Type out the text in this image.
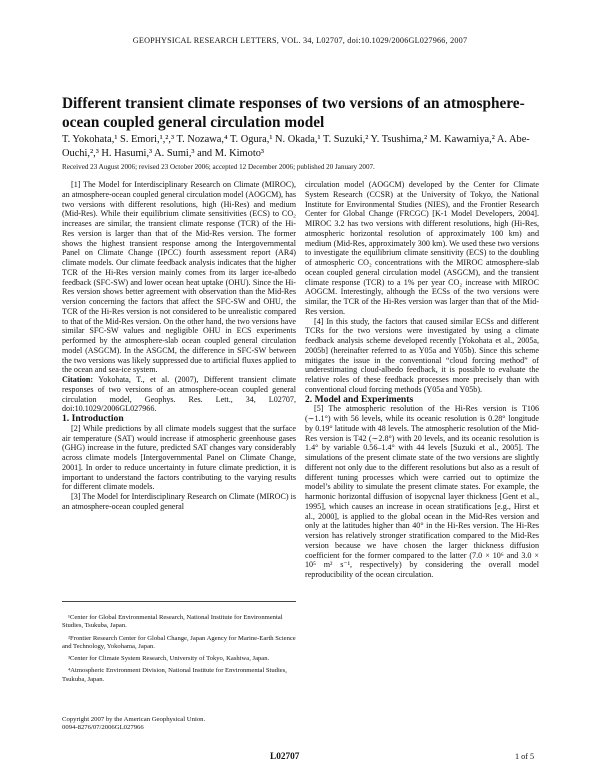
GEOPHYSICAL RESEARCH LETTERS, VOL. 34, L02707, doi:10.1029/2006GL027966, 2007
Different transient climate responses of two versions of an atmosphere-ocean coupled general circulation model
T. Yokohata,¹ S. Emori,¹,²,³ T. Nozawa,⁴ T. Ogura,¹ N. Okada,¹ T. Suzuki,² Y. Tsushima,² M. Kawamiya,² A. Abe-Ouchi,²,³ H. Hasumi,³ A. Sumi,³ and M. Kimoto³
Received 23 August 2006; revised 23 October 2006; accepted 12 December 2006; published 20 January 2007.

[1] The Model for Interdisciplinary Research on Climate (MIROC), an atmosphere-ocean coupled general circulation model (AOGCM), has two versions with different resolutions, high (Hi-Res) and medium (Mid-Res). While their equilibrium climate sensitivities (ECS) to CO₂ increases are similar, the transient climate response (TCR) of the Hi-Res version is larger than that of the Mid-Res version. The former shows the highest transient response among the Intergovernmental Panel on Climate Change (IPCC) fourth assessment report (AR4) climate models. Our climate feedback analysis indicates that the higher TCR of the Hi-Res version mainly comes from its larger ice-albedo feedback (SFC-SW) and lower ocean heat uptake (OHU). Since the Hi-Res version shows better agreement with observation than the Mid-Res version concerning the factors that affect the SFC-SW and OHU, the TCR of the Hi-Res version is not considered to be unrealistic compared to that of the Mid-Res version. On the other hand, the two versions have similar SFC-SW values and negligible OHU in ECS experiments performed by the atmosphere-slab ocean coupled general circulation model (ASGCM). In the ASGCM, the difference in SFC-SW between the two versions was likely suppressed due to artificial fluxes applied to the ocean and sea-ice system.

Citation: Yokohata, T., et al. (2007), Different transient climate responses of two versions of an atmosphere-ocean coupled general circulation model, Geophys. Res. Lett., 34, L02707, doi:10.1029/2006GL027966.

1. Introduction

[2] While predictions by all climate models suggest that the surface air temperature (SAT) would increase if atmospheric greenhouse gases (GHG) increase in the future, predicted SAT changes vary considerably across climate models [Intergovernmental Panel on Climate Change, 2001]. In order to reduce uncertainty in future climate prediction, it is important to understand the factors contributing to the varying results for different climate models.

[3] The Model for Interdisciplinary Research on Climate (MIROC) is an atmosphere-ocean coupled general

¹Center for Global Environmental Research, National Institute for Environmental Studies, Tsukuba, Japan.

²Frontier Research Center for Global Change, Japan Agency for Marine-Earth Science and Technology, Yokohama, Japan.

³Center for Climate System Research, University of Tokyo, Kashiwa, Japan.

⁴Atmospheric Environment Division, National Institute for Environmental Studies, Tsukuba, Japan.

Copyright 2007 by the American Geophysical Union.
0094-8276/07/2006GL027966

circulation model (AOGCM) developed by the Center for Climate System Research (CCSR) at the University of Tokyo, the National Institute for Environmental Studies (NIES), and the Frontier Research Center for Global Change (FRCGC) [K-1 Model Developers, 2004]. MIROC 3.2 has two versions with different resolutions, high (Hi-Res, atmospheric horizontal resolution of approximately 100 km) and medium (Mid-Res, approximately 300 km). We used these two versions to investigate the equilibrium climate sensitivity (ECS) to the doubling of atmospheric CO₂ concentrations with the MIROC atmosphere-slab ocean coupled general circulation model (ASGCM), and the transient climate response (TCR) to a 1% per year CO₂ increase with MIROC AOGCM. Interestingly, although the ECSs of the two versions were similar, the TCR of the Hi-Res version was larger than that of the Mid-Res version.

[4] In this study, the factors that caused similar ECSs and different TCRs for the two versions were investigated by using a climate feedback analysis scheme developed recently [Yokohata et al., 2005a, 2005b] (hereinafter referred to as Y05a and Y05b). Since this scheme mitigates the issue in the conventional “cloud forcing method” of underestimating cloud-albedo feedback, it is possible to evaluate the relative roles of these feedback processes more precisely than with conventional cloud forcing methods (Y05a and Y05b).

2. Model and Experiments

[5] The atmospheric resolution of the Hi-Res version is T106 (∼1.1°) with 56 levels, while its oceanic resolution is 0.28° longitude by 0.19° latitude with 48 levels. The atmospheric resolution of the Mid-Res version is T42 (∼2.8°) with 20 levels, and its oceanic resolution is 1.4° by variable 0.56–1.4° with 44 levels [Suzuki et al., 2005]. The simulations of the present climate state of the two versions are slightly different not only due to the different resolutions but also as a result of different tuning processes which were carried out to optimize the model’s ability to simulate the present climate states. For example, the harmonic horizontal diffusion of isopycnal layer thickness [Gent et al., 1995], which causes an increase in ocean stratifications [e.g., Hirst et al., 2000], is applied to the global ocean in the Mid-Res version and only at the latitudes higher than 40° in the Hi-Res version. The Hi-Res version has relatively stronger stratification compared to the Mid-Res version because we have chosen the larger thickness diffusion coefficient for the former compared to the latter (7.0 × 10⁶ and 3.0 × 10⁵ m² s⁻¹, respectively) by considering the overall model reproducibility of the ocean circulation.

L02707	1 of 5
